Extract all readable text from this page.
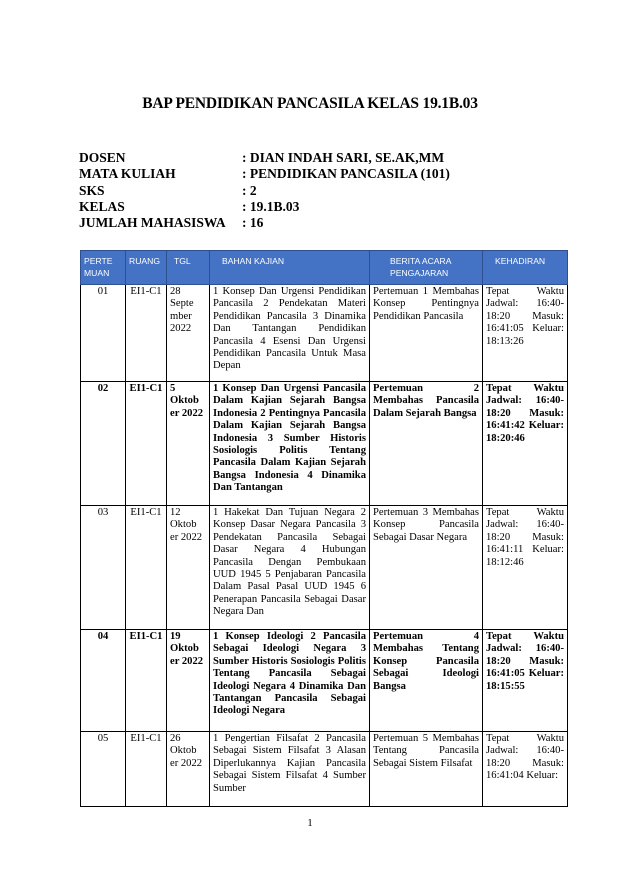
BAP PENDIDIKAN PANCASILA KELAS 19.1B.03
DOSEN	: DIAN INDAH SARI, SE.AK,MM
MATA KULIAH	: PENDIDIKAN PANCASILA (101)
SKS	: 2
KELAS	: 19.1B.03
JUMLAH MAHASISWA	: 16
PERTE MUAN	RUANG	TGL	BAHAN KAJIAN	BERITA ACARA PENGAJARAN	KEHADIRAN
01	EI1-C1	28 Septe mber 2022	1 Konsep Dan Urgensi Pendidikan Pancasila 2 Pendekatan Materi Pendidikan Pancasila 3 Dinamika Dan Tantangan Pendidikan Pancasila 4 Esensi Dan Urgensi Pendidikan Pancasila Untuk Masa Depan	Pertemuan 1 Membahas Konsep Pentingnya Pendidikan Pancasila	Tepat Waktu Jadwal: 16:40-18:20 Masuk: 16:41:05 Keluar: 18:13:26
02	EI1-C1	5 Oktob er 2022	1 Konsep Dan Urgensi Pancasila Dalam Kajian Sejarah Bangsa Indonesia 2 Pentingnya Pancasila Dalam Kajian Sejarah Bangsa Indonesia 3 Sumber Historis Sosiologis Politis Tentang Pancasila Dalam Kajian Sejarah Bangsa Indonesia 4 Dinamika Dan Tantangan	Pertemuan 2 Membahas Pancasila Dalam Sejarah Bangsa	Tepat Waktu Jadwal: 16:40-18:20 Masuk: 16:41:42 Keluar: 18:20:46
03	EI1-C1	12 Oktob er 2022	1 Hakekat Dan Tujuan Negara 2 Konsep Dasar Negara Pancasila 3 Pendekatan Pancasila Sebagai Dasar Negara 4 Hubungan Pancasila Dengan Pembukaan UUD 1945 5 Penjabaran Pancasila Dalam Pasal Pasal UUD 1945 6 Penerapan Pancasila Sebagai Dasar Negara Dan	Pertemuan 3 Membahas Konsep Pancasila Sebagai Dasar Negara	Tepat Waktu Jadwal: 16:40-18:20 Masuk: 16:41:11 Keluar: 18:12:46
04	EI1-C1	19 Oktob er 2022	1 Konsep Ideologi 2 Pancasila Sebagai Ideologi Negara 3 Sumber Historis Sosiologis Politis Tentang Pancasila Sebagai Ideologi Negara 4 Dinamika Dan Tantangan Pancasila Sebagai Ideologi Negara	Pertemuan 4 Membahas Tentang Konsep Pancasila Sebagai Ideologi Bangsa	Tepat Waktu Jadwal: 16:40-18:20 Masuk: 16:41:05 Keluar: 18:15:55
05	EI1-C1	26 Oktob er 2022	1 Pengertian Filsafat 2 Pancasila Sebagai Sistem Filsafat 3 Alasan Diperlukannya Kajian Pancasila Sebagai Sistem Filsafat 4 Sumber Sumber	Pertemuan 5 Membahas Tentang Pancasila Sebagai Sistem Filsafat	Tepat Waktu Jadwal: 16:40-18:20 Masuk: 16:41:04 Keluar:
1
